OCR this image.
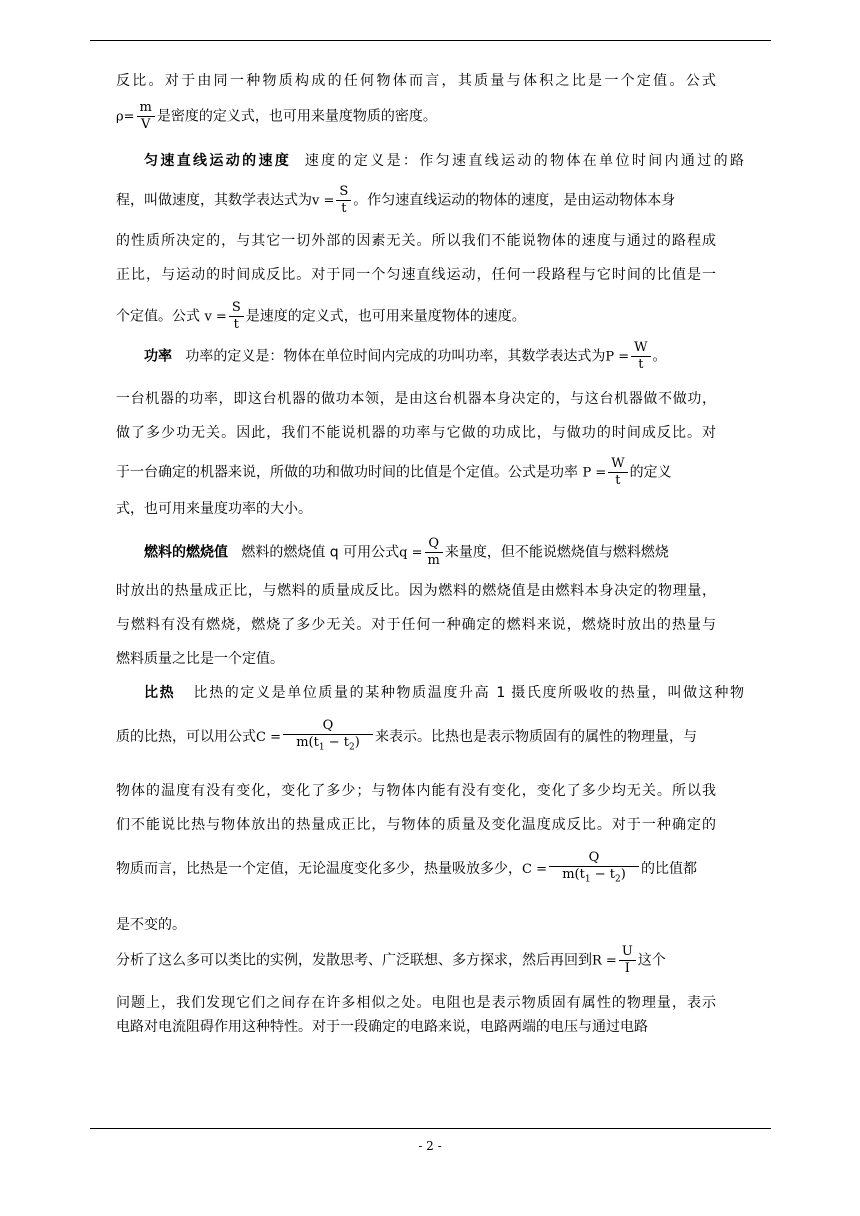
反比。对于由同一种物质构成的任何物体而言，其质量与体积之比是一个定值。公式
$\rho= \frac{m}{V}$ 是密度的定义式，也可用来量度物质的密度。
匀速直线运动的速度 速度的定义是：作匀速直线运动的物体在单位时间内通过的路
程，叫做速度，其数学表达式为$v = \frac{S}{t}$ 。作匀速直线运动的物体的速度，是由运动物体本身
的性质所决定的，与其它一切外部的因素无关。所以我们不能说物体的速度与通过的路程成
正比，与运动的时间成反比。对于同一个匀速直线运动，任何一段路程与它时间的比值是一
个定值。公式 $v = \frac{S}{t}$ 是速度的定义式，也可用来量度物体的速度。
功率 功率的定义是：物体在单位时间内完成的功叫功率，其数学表达式为$P = \frac{W}{t}$ 。
一台机器的功率，即这台机器的做功本领，是由这台机器本身决定的，与这台机器做不做功，
做了多少功无关。因此，我们不能说机器的功率与它做的功成比，与做功的时间成反比。对
于一台确定的机器来说，所做的功和做功时间的比值是个定值。公式是功率 $P = \frac{W}{t}$ 的定义
式，也可用来量度功率的大小。
燃料的燃烧值 燃料的燃烧值 q 可用公式$q = \frac{Q}{m}$ 来量度，但不能说燃烧值与燃料燃烧
时放出的热量成正比，与燃料的质量成反比。因为燃料的燃烧值是由燃料本身决定的物理量，
与燃料有没有燃烧，燃烧了多少无关。对于任何一种确定的燃料来说，燃烧时放出的热量与
燃料质量之比是一个定值。
比热 比热的定义是单位质量的某种物质温度升高 1 摄氏度所吸收的热量，叫做这种物
质的比热，可以用公式$C = \frac{Q}{m(t_1 - t_2)}$ 来表示。比热也是表示物质固有的属性的物理量，与
物体的温度有没有变化，变化了多少；与物体内能有没有变化，变化了多少均无关。所以我
们不能说比热与物体放出的热量成正比，与物体的质量及变化温度成反比。对于一种确定的
物质而言，比热是一个定值，无论温度变化多少，热量吸放多少，$C = \frac{Q}{m(t_1 - t_2)}$ 的比值都
是不变的。
分析了这么多可以类比的实例，发散思考、广泛联想、多方探求，然后再回到$R = \frac{U}{I}$ 这个
问题上，我们发现它们之间存在许多相似之处。电阻也是表示物质固有属性的物理量，表示
电路对电流阻碍作用这种特性。对于一段确定的电路来说，电路两端的电压与通过电路
- 2 -
